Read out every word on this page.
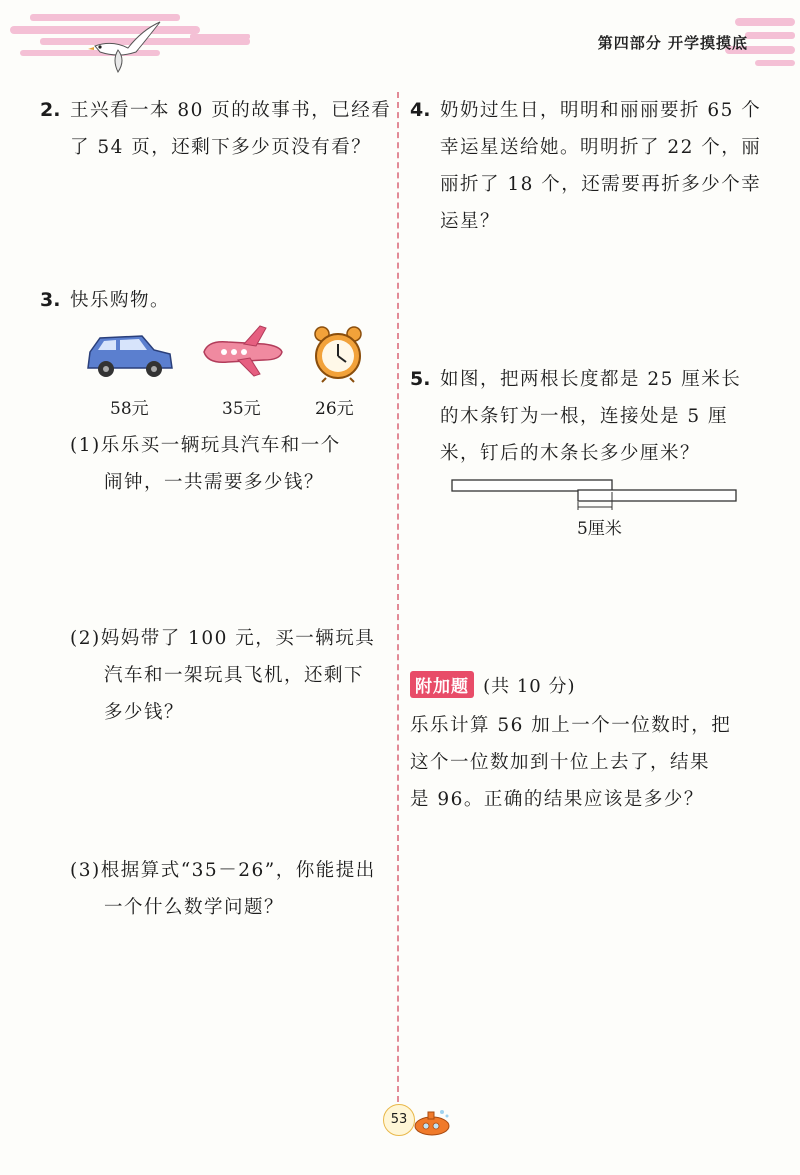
第四部分 开学摸摸底
2. 王兴看一本 80 页的故事书，已经看
了 54 页，还剩下多少页没有看？
3. 快乐购物。
58元	35元	26元
(1)乐乐买一辆玩具汽车和一个
闹钟，一共需要多少钱？
(2)妈妈带了 100 元，买一辆玩具
汽车和一架玩具飞机，还剩下
多少钱？
(3)根据算式“35－26”，你能提出
一个什么数学问题？
4. 奶奶过生日，明明和丽丽要折 65 个
幸运星送给她。明明折了 22 个，丽
丽折了 18 个，还需要再折多少个幸
运星？
5. 如图，把两根长度都是 25 厘米长
的木条钉为一根，连接处是 5 厘
米，钉后的木条长多少厘米？
5厘米
附加题 (共 10 分)
乐乐计算 56 加上一个一位数时，把
这个一位数加到十位上去了，结果
是 96。正确的结果应该是多少？
53
